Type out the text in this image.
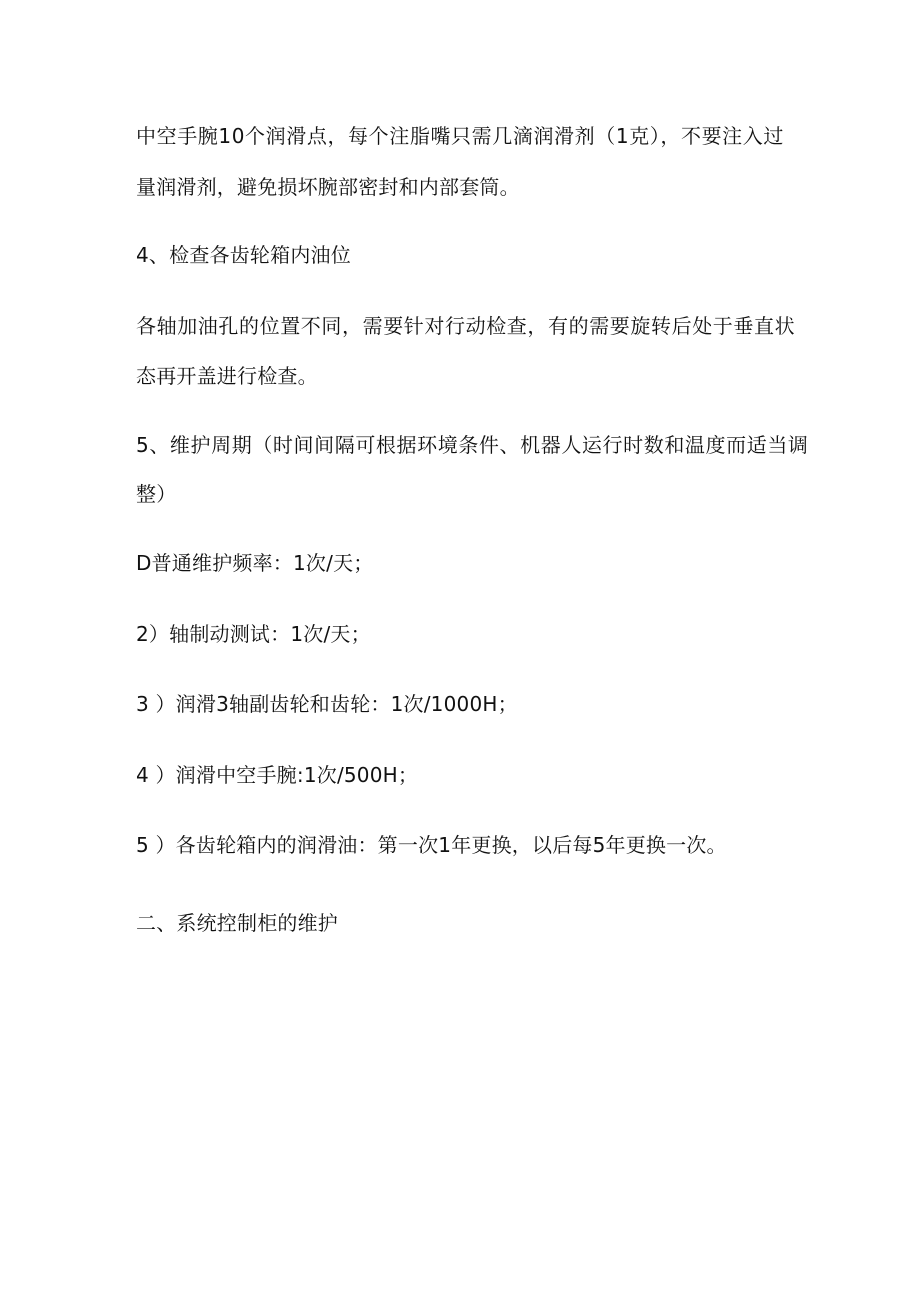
中空手腕10个润滑点，每个注脂嘴只需几滴润滑剂（1克），不要注入过

量润滑剂，避免损坏腕部密封和内部套筒。

4、检查各齿轮箱内油位

各轴加油孔的位置不同，需要针对行动检查，有的需要旋转后处于垂直状

态再开盖进行检查。

5、维护周期（时间间隔可根据环境条件、机器人运行时数和温度而适当调

整）

D普通维护频率：1次/天；

2）轴制动测试：1次/天；

3 ）润滑3轴副齿轮和齿轮：1次/1000H；

4 ）润滑中空手腕:1次/500H；

5 ）各齿轮箱内的润滑油：第一次1年更换，以后每5年更换一次。

二、系统控制柜的维护
